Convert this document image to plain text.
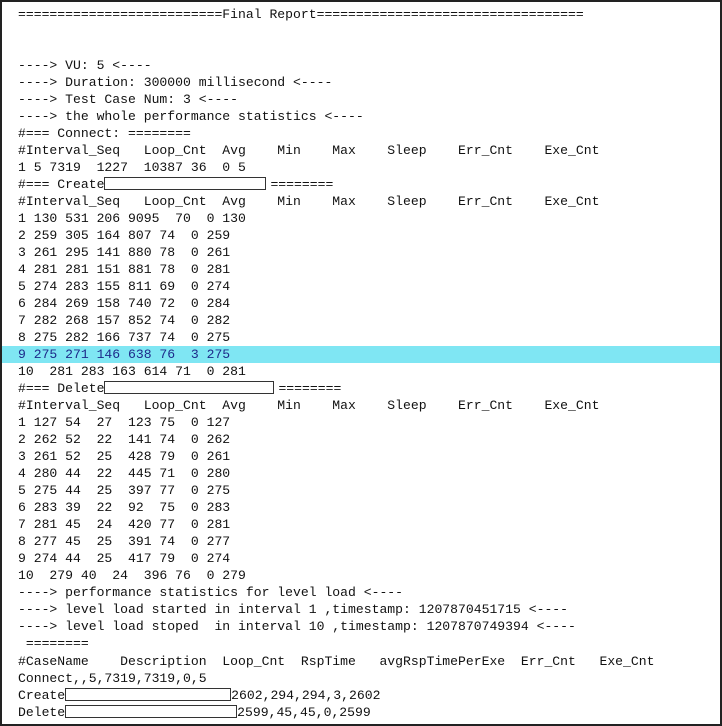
==========================Final Report==================================
----> VU: 5 <----
----> Duration: 300000 millisecond <----
----> Test Case Num: 3 <----
----> the whole performance statistics <----
#=== Connect: ========
#Interval_Seq   Loop_Cnt  Avg    Min    Max    Sleep    Err_Cnt    Exe_Cnt
1 5 7319  1227  10387 36  0 5
#=== Create	========
#Interval_Seq   Loop_Cnt  Avg    Min    Max    Sleep    Err_Cnt    Exe_Cnt
1 130 531 206 9095  70  0 130
2 259 305 164 807 74  0 259
3 261 295 141 880 78  0 261
4 281 281 151 881 78  0 281
5 274 283 155 811 69  0 274
6 284 269 158 740 72  0 284
7 282 268 157 852 74  0 282
8 275 282 166 737 74  0 275
9 275 271 146 638 76  3 275
10  281 283 163 614 71  0 281
#=== Delete	========
#Interval_Seq   Loop_Cnt  Avg    Min    Max    Sleep    Err_Cnt    Exe_Cnt
1 127 54  27  123 75  0 127
2 262 52  22  141 74  0 262
3 261 52  25  428 79  0 261
4 280 44  22  445 71  0 280
5 275 44  25  397 77  0 275
6 283 39  22  92  75  0 283
7 281 45  24  420 77  0 281
8 277 45  25  391 74  0 277
9 274 44  25  417 79  0 274
10  279 40  24  396 76  0 279
----> performance statistics for level load <----
----> level load started in interval 1 ,timestamp: 1207870451715 <----
----> level load stoped  in interval 10 ,timestamp: 1207870749394 <----
========
#CaseName    Description  Loop_Cnt  RspTime   avgRspTimePerExe  Err_Cnt   Exe_Cnt
Connect,,5,7319,7319,0,5
Create	2602,294,294,3,2602
Delete	2599,45,45,0,2599
